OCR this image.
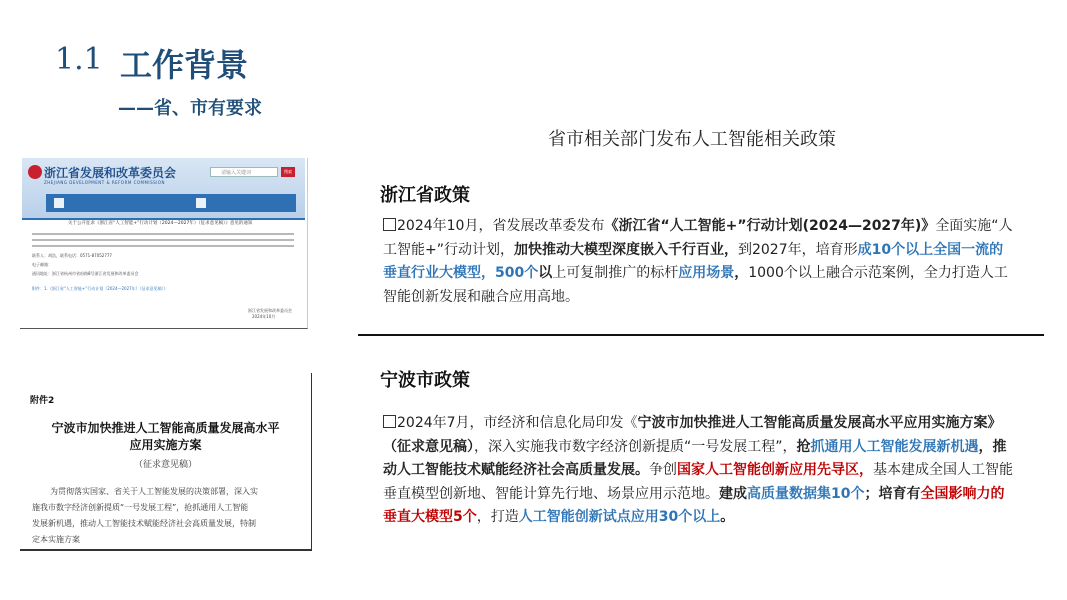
1.1 工作背景
——省、市有要求
省市相关部门发布人工智能相关政策
浙江省发展和改革委员会
ZHEJIANG DEVELOPMENT & REFORM COMMISSION
请输入关键词	搜索
关于公开征求《浙江省“人工智能+”行动计划（2024—2027年）（征求意见稿）》意见的通知
联系人：胡浩，联系电话：0571-87052777
电子邮箱：
通讯地址：浙江省杭州市省府路8号浙江省发展和改革委员会
附件：1.《浙江省“人工智能+”行动计划（2024—2027年）（征求意见稿）》
浙江省发展和改革委员会
2024年10月
附件2
宁波市加快推进人工智能高质量发展高水平
应用实施方案
（征求意见稿）
为贯彻落实国家、省关于人工智能发展的决策部署，深入实
施我市数字经济创新提质“一号发展工程”，抢抓通用人工智能
发展新机遇，推动人工智能技术赋能经济社会高质量发展，特制
定本实施方案
浙江省政策

2024年10月，省发展改革委发布《浙江省“人工智能+”行动计划(2024—2027年)》全面实施“人工智能+”行动计划，加快推动大模型深度嵌入千行百业，到2027年，培育形成10个以上全国一流的垂直行业大模型，500个以上可复制推广的标杆应用场景，1000个以上融合示范案例，全力打造人工智能创新发展和融合应用高地。

宁波市政策

2024年7月，市经济和信息化局印发《宁波市加快推进人工智能高质量发展高水平应用实施方案》（征求意见稿），深入实施我市数字经济创新提质“一号发展工程”，抢抓通用人工智能发展新机遇，推动人工智能技术赋能经济社会高质量发展。争创国家人工智能创新应用先导区，基本建成全国人工智能垂直模型创新地、智能计算先行地、场景应用示范地。建成高质量数据集10个；培育有全国影响力的垂直大模型5个，打造人工智能创新试点应用30个以上。
